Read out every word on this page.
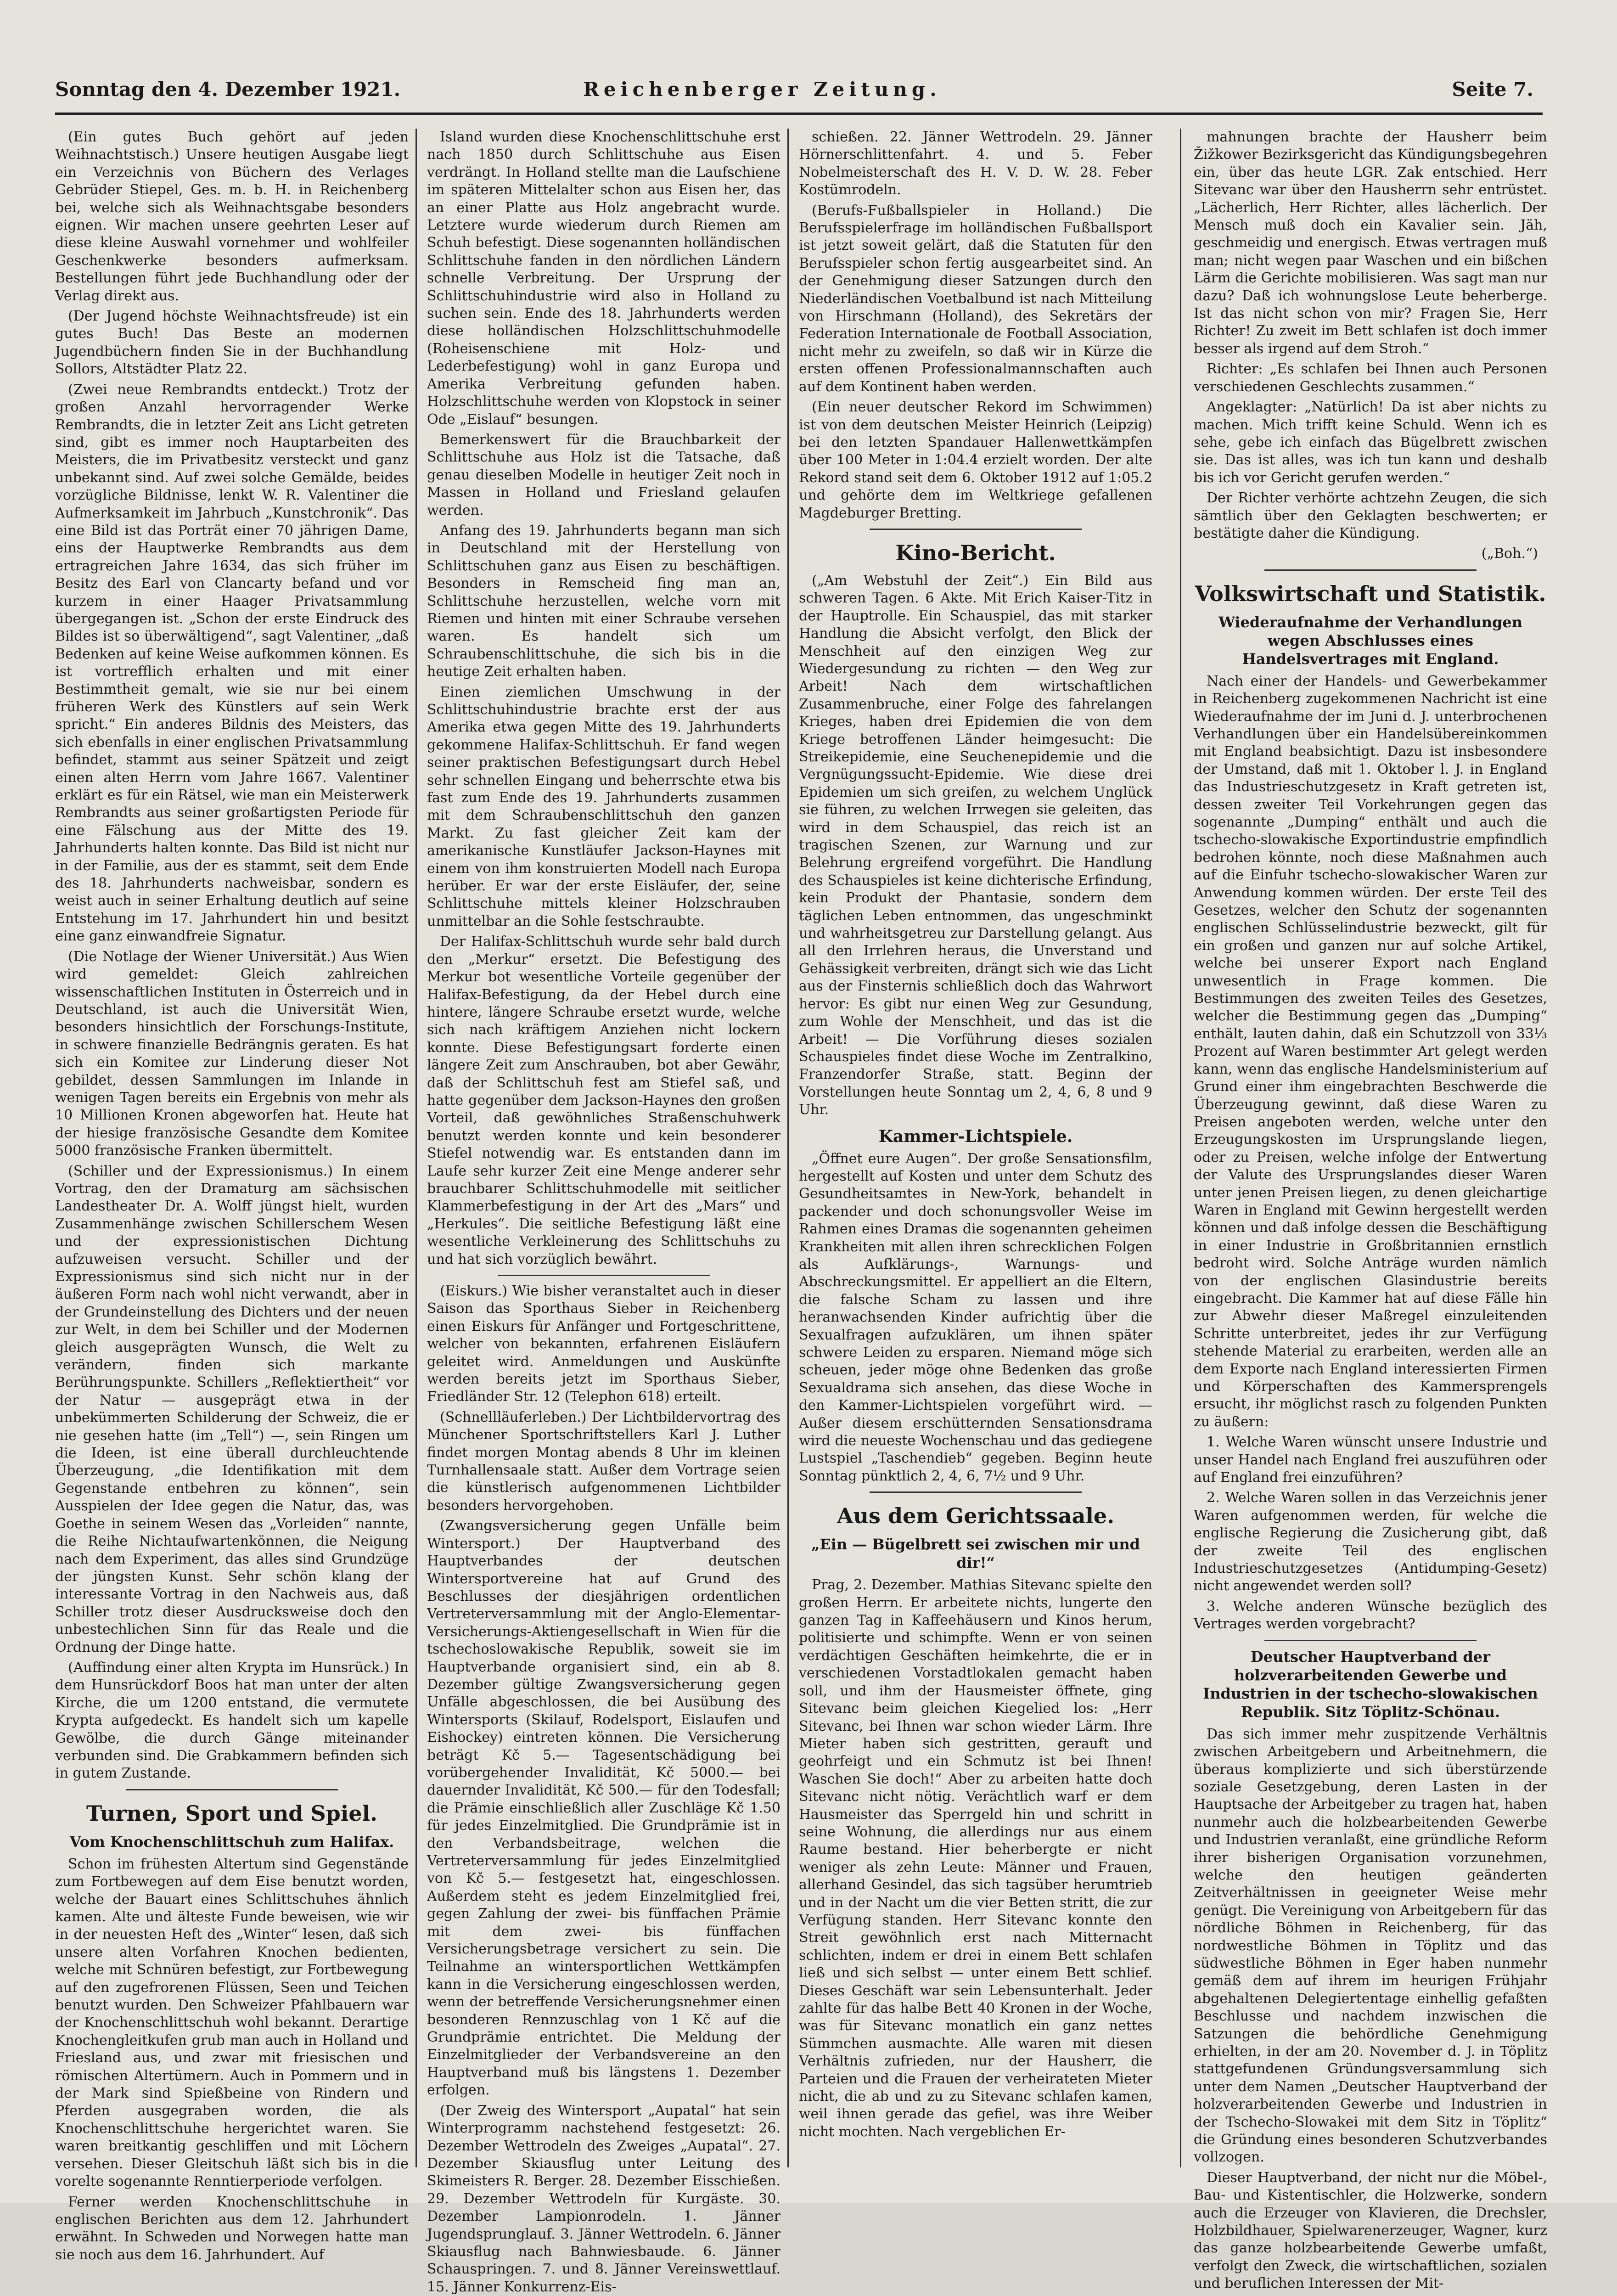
Sonntag den 4. Dezember 1921.	Reichenberger Zeitung.	Seite 7.

(Ein gutes Buch gehört auf jeden Weihnachtstisch.) Unsere heutigen Ausgabe liegt ein Verzeichnis von Büchern des Verlages Gebrüder Stiepel, Ges. m. b. H. in Reichenberg bei, welche sich als Weihnachtsgabe besonders eignen. Wir machen unsere geehrten Leser auf diese kleine Auswahl vornehmer und wohlfeiler Geschenkwerke besonders aufmerksam. Bestellungen führt jede Buchhandlung oder der Verlag direkt aus.

(Der Jugend höchste Weihnachtsfreude) ist ein gutes Buch! Das Beste an modernen Jugendbüchern finden Sie in der Buchhandlung Sollors, Altstädter Platz 22.

(Zwei neue Rembrandts entdeckt.) Trotz der großen Anzahl hervorragender Werke Rembrandts, die in letzter Zeit ans Licht getreten sind, gibt es immer noch Hauptarbeiten des Meisters, die im Privatbesitz versteckt und ganz unbekannt sind. Auf zwei solche Gemälde, beides vorzügliche Bildnisse, lenkt W. R. Valentiner die Aufmerksamkeit im Jahrbuch „Kunstchronik“. Das eine Bild ist das Porträt einer 70 jährigen Dame, eins der Hauptwerke Rembrandts aus dem ertragreichen Jahre 1634, das sich früher im Besitz des Earl von Clancarty befand und vor kurzem in einer Haager Privatsammlung übergegangen ist. „Schon der erste Eindruck des Bildes ist so überwältigend“, sagt Valentiner, „daß Bedenken auf keine Weise aufkommen können. Es ist vortrefflich erhalten und mit einer Bestimmtheit gemalt, wie sie nur bei einem früheren Werk des Künstlers auf sein Werk spricht.“ Ein anderes Bildnis des Meisters, das sich ebenfalls in einer englischen Privatsammlung befindet, stammt aus seiner Spätzeit und zeigt einen alten Herrn vom Jahre 1667. Valentiner erklärt es für ein Rätsel, wie man ein Meisterwerk Rembrandts aus seiner großartigsten Periode für eine Fälschung aus der Mitte des 19. Jahrhunderts halten konnte. Das Bild ist nicht nur in der Familie, aus der es stammt, seit dem Ende des 18. Jahrhunderts nachweisbar, sondern es weist auch in seiner Erhaltung deutlich auf seine Entstehung im 17. Jahrhundert hin und besitzt eine ganz einwandfreie Signatur.

(Die Notlage der Wiener Universität.) Aus Wien wird gemeldet: Gleich zahlreichen wissenschaftlichen Instituten in Österreich und in Deutschland, ist auch die Universität Wien, besonders hinsichtlich der Forschungs-Institute, in schwere finanzielle Bedrängnis geraten. Es hat sich ein Komitee zur Linderung dieser Not gebildet, dessen Sammlungen im Inlande in wenigen Tagen bereits ein Ergebnis von mehr als 10 Millionen Kronen abgeworfen hat. Heute hat der hiesige französische Gesandte dem Komitee 5000 französische Franken übermittelt.

(Schiller und der Expressionismus.) In einem Vortrag, den der Dramaturg am sächsischen Landestheater Dr. A. Wolff jüngst hielt, wurden Zusammenhänge zwischen Schillerschem Wesen und der expressionistischen Dichtung aufzuweisen versucht. Schiller und der Expressionismus sind sich nicht nur in der äußeren Form nach wohl nicht verwandt, aber in der Grundeinstellung des Dichters und der neuen zur Welt, in dem bei Schiller und der Modernen gleich ausgeprägten Wunsch, die Welt zu verändern, finden sich markante Berührungspunkte. Schillers „Reflektiertheit“ vor der Natur — ausgeprägt etwa in der unbekümmerten Schilderung der Schweiz, die er nie gesehen hatte (im „Tell“) —, sein Ringen um die Ideen, ist eine überall durchleuchtende Überzeugung, „die Identifikation mit dem Gegenstande entbehren zu können“, sein Ausspielen der Idee gegen die Natur, das, was Goethe in seinem Wesen das „Vorleiden“ nannte, die Reihe Nichtaufwartenkönnen, die Neigung nach dem Experiment, das alles sind Grundzüge der jüngsten Kunst. Sehr schön klang der interessante Vortrag in den Nachweis aus, daß Schiller trotz dieser Ausdrucksweise doch den unbestechlichen Sinn für das Reale und die Ordnung der Dinge hatte.

(Auffindung einer alten Krypta im Hunsrück.) In dem Hunsrückdorf Boos hat man unter der alten Kirche, die um 1200 entstand, die vermutete Krypta aufgedeckt. Es handelt sich um kapelle Gewölbe, die durch Gänge miteinander verbunden sind. Die Grabkammern befinden sich in gutem Zustande.

Turnen, Sport und Spiel.
Vom Knochenschlittschuh zum Halifax.

Schon im frühesten Altertum sind Gegenstände zum Fortbewegen auf dem Eise benutzt worden, welche der Bauart eines Schlittschuhes ähnlich kamen. Alte und älteste Funde beweisen, wie wir in der neuesten Heft des „Winter“ lesen, daß sich unsere alten Vorfahren Knochen bedienten, welche mit Schnüren befestigt, zur Fortbewegung auf den zugefrorenen Flüssen, Seen und Teichen benutzt wurden. Den Schweizer Pfahlbauern war der Knochenschlittschuh wohl bekannt. Derartige Knochengleitkufen grub man auch in Holland und Friesland aus, und zwar mit friesischen und römischen Altertümern. Auch in Pommern und in der Mark sind Spießbeine von Rindern und Pferden ausgegraben worden, die als Knochenschlittschuhe hergerichtet waren. Sie waren breitkantig geschliffen und mit Löchern versehen. Dieser Gleitschuh läßt sich bis in die vorelte sogenannte Renntierperiode verfolgen.

Ferner werden Knochenschlittschuhe in englischen Berichten aus dem 12. Jahrhundert erwähnt. In Schweden und Norwegen hatte man sie noch aus dem 16. Jahrhundert. Auf

Island wurden diese Knochenschlittschuhe erst nach 1850 durch Schlittschuhe aus Eisen verdrängt. In Holland stellte man die Laufschiene im späteren Mittelalter schon aus Eisen her, das an einer Platte aus Holz angebracht wurde. Letztere wurde wiederum durch Riemen am Schuh befestigt. Diese sogenannten holländischen Schlittschuhe fanden in den nördlichen Ländern schnelle Verbreitung. Der Ursprung der Schlittschuhindustrie wird also in Holland zu suchen sein. Ende des 18. Jahrhunderts werden diese holländischen Holzschlittschuhmodelle (Roheisenschiene mit Holz- und Lederbefestigung) wohl in ganz Europa und Amerika Verbreitung gefunden haben. Holzschlittschuhe werden von Klopstock in seiner Ode „Eislauf“ besungen.

Bemerkenswert für die Brauchbarkeit der Schlittschuhe aus Holz ist die Tatsache, daß genau dieselben Modelle in heutiger Zeit noch in Massen in Holland und Friesland gelaufen werden.

Anfang des 19. Jahrhunderts begann man sich in Deutschland mit der Herstellung von Schlittschuhen ganz aus Eisen zu beschäftigen. Besonders in Remscheid fing man an, Schlittschuhe herzustellen, welche vorn mit Riemen und hinten mit einer Schraube versehen waren. Es handelt sich um Schraubenschlittschuhe, die sich bis in die heutige Zeit erhalten haben.

Einen ziemlichen Umschwung in der Schlittschuhindustrie brachte erst der aus Amerika etwa gegen Mitte des 19. Jahrhunderts gekommene Halifax-Schlittschuh. Er fand wegen seiner praktischen Befestigungsart durch Hebel sehr schnellen Eingang und beherrschte etwa bis fast zum Ende des 19. Jahrhunderts zusammen mit dem Schraubenschlittschuh den ganzen Markt. Zu fast gleicher Zeit kam der amerikanische Kunstläufer Jackson-Haynes mit einem von ihm konstruierten Modell nach Europa herüber. Er war der erste Eisläufer, der, seine Schlittschuhe mittels kleiner Holzschrauben unmittelbar an die Sohle festschraubte.

Der Halifax-Schlittschuh wurde sehr bald durch den „Merkur“ ersetzt. Die Befestigung des Merkur bot wesentliche Vorteile gegenüber der Halifax-Befestigung, da der Hebel durch eine hintere, längere Schraube ersetzt wurde, welche sich nach kräftigem Anziehen nicht lockern konnte. Diese Befestigungsart forderte einen längere Zeit zum Anschrauben, bot aber Gewähr, daß der Schlittschuh fest am Stiefel saß, und hatte gegenüber dem Jackson-Haynes den großen Vorteil, daß gewöhnliches Straßenschuhwerk benutzt werden konnte und kein besonderer Stiefel notwendig war. Es entstanden dann im Laufe sehr kurzer Zeit eine Menge anderer sehr brauchbarer Schlittschuhmodelle mit seitlicher Klammerbefestigung in der Art des „Mars“ und „Herkules“. Die seitliche Befestigung läßt eine wesentliche Verkleinerung des Schlittschuhs zu und hat sich vorzüglich bewährt.

(Eiskurs.) Wie bisher veranstaltet auch in dieser Saison das Sporthaus Sieber in Reichenberg einen Eiskurs für Anfänger und Fortgeschrittene, welcher von bekannten, erfahrenen Eisläufern geleitet wird. Anmeldungen und Auskünfte werden bereits jetzt im Sporthaus Sieber, Friedländer Str. 12 (Telephon 618) erteilt.

(Schnellläuferleben.) Der Lichtbildervortrag des Münchener Sportschriftstellers Karl J. Luther findet morgen Montag abends 8 Uhr im kleinen Turnhallensaale statt. Außer dem Vortrage seien die künstlerisch aufgenommenen Lichtbilder besonders hervorgehoben.

(Zwangsversicherung gegen Unfälle beim Wintersport.) Der Hauptverband des Hauptverbandes der deutschen Wintersportvereine hat auf Grund des Beschlusses der diesjährigen ordentlichen Vertreterversammlung mit der Anglo-Elementar-Versicherungs-Aktiengesellschaft in Wien für die tschechoslowakische Republik, soweit sie im Hauptverbande organisiert sind, ein ab 8. Dezember gültige Zwangsversicherung gegen Unfälle abgeschlossen, die bei Ausübung des Wintersports (Skilauf, Rodelsport, Eislaufen und Eishockey) eintreten können. Die Versicherung beträgt Kč 5.— Tagesentschädigung bei vorübergehender Invalidität, Kč 5000.— bei dauernder Invalidität, Kč 500.— für den Todesfall; die Prämie einschließlich aller Zuschläge Kč 1.50 für jedes Einzelmitglied. Die Grundprämie ist in den Verbandsbeitrage, welchen die Vertreterversammlung für jedes Einzelmitglied von Kč 5.— festgesetzt hat, eingeschlossen. Außerdem steht es jedem Einzelmitglied frei, gegen Zahlung der zwei- bis fünffachen Prämie mit dem zwei- bis fünffachen Versicherungsbetrage versichert zu sein. Die Teilnahme an wintersportlichen Wettkämpfen kann in die Versicherung eingeschlossen werden, wenn der betreffende Versicherungsnehmer einen besonderen Rennzuschlag von 1 Kč auf die Grundprämie entrichtet. Die Meldung der Einzelmitglieder der Verbandsvereine an den Hauptverband muß bis längstens 1. Dezember erfolgen.

(Der Zweig des Wintersport „Aupatal“ hat sein Winterprogramm nachstehend festgesetzt: 26. Dezember Wettrodeln des Zweiges „Aupatal“. 27. Dezember Skiausflug unter Leitung des Skimeisters R. Berger. 28. Dezember Eisschießen. 29. Dezember Wettrodeln für Kurgäste. 30. Dezember Lampionrodeln. 1. Jänner Jugendsprunglauf. 3. Jänner Wettrodeln. 6. Jänner Skiausflug nach Bahnwiesbaude. 6. Jänner Schauspringen. 7. und 8. Jänner Vereinswettlauf. 15. Jänner Konkurrenz-Eis-

schießen. 22. Jänner Wettrodeln. 29. Jänner Hörnerschlittenfahrt. 4. und 5. Feber Nobelmeisterschaft des H. V. D. W. 28. Feber Kostümrodeln.

(Berufs-Fußballspieler in Holland.) Die Berufsspielerfrage im holländischen Fußballsport ist jetzt soweit gelärt, daß die Statuten für den Berufsspieler schon fertig ausgearbeitet sind. An der Genehmigung dieser Satzungen durch den Niederländischen Voetbalbund ist nach Mitteilung von Hirschmann (Holland), des Sekretärs der Federation Internationale de Football Association, nicht mehr zu zweifeln, so daß wir in Kürze die ersten offenen Professionalmannschaften auch auf dem Kontinent haben werden.

(Ein neuer deutscher Rekord im Schwimmen) ist von dem deutschen Meister Heinrich (Leipzig) bei den letzten Spandauer Hallenwettkämpfen über 100 Meter in 1:04.4 erzielt worden. Der alte Rekord stand seit dem 6. Oktober 1912 auf 1:05.2 und gehörte dem im Weltkriege gefallenen Magdeburger Bretting.

Kino-Bericht.

(„Am Webstuhl der Zeit“.) Ein Bild aus schweren Tagen. 6 Akte. Mit Erich Kaiser-Titz in der Hauptrolle. Ein Schauspiel, das mit starker Handlung die Absicht verfolgt, den Blick der Menschheit auf den einzigen Weg zur Wiedergesundung zu richten — den Weg zur Arbeit! Nach dem wirtschaftlichen Zusammenbruche, einer Folge des fahrelangen Krieges, haben drei Epidemien die von dem Kriege betroffenen Länder heimgesucht: Die Streikepidemie, eine Seuchenepidemie und die Vergnügungssucht-Epidemie. Wie diese drei Epidemien um sich greifen, zu welchem Unglück sie führen, zu welchen Irrwegen sie geleiten, das wird in dem Schauspiel, das reich ist an tragischen Szenen, zur Warnung und zur Belehrung ergreifend vorgeführt. Die Handlung des Schauspieles ist keine dichterische Erfindung, kein Produkt der Phantasie, sondern dem täglichen Leben entnommen, das ungeschminkt und wahrheitsgetreu zur Darstellung gelangt. Aus all den Irrlehren heraus, die Unverstand und Gehässigkeit verbreiten, drängt sich wie das Licht aus der Finsternis schließlich doch das Wahrwort hervor: Es gibt nur einen Weg zur Gesundung, zum Wohle der Menschheit, und das ist die Arbeit! — Die Vorführung dieses sozialen Schauspieles findet diese Woche im Zentralkino, Franzendorfer Straße, statt. Beginn der Vorstellungen heute Sonntag um 2, 4, 6, 8 und 9 Uhr.

Kammer-Lichtspiele.

„Öffnet eure Augen“. Der große Sensationsfilm, hergestellt auf Kosten und unter dem Schutz des Gesundheitsamtes in New-York, behandelt in packender und doch schonungsvoller Weise im Rahmen eines Dramas die sogenannten geheimen Krankheiten mit allen ihren schrecklichen Folgen als Aufklärungs-, Warnungs- und Abschreckungsmittel. Er appelliert an die Eltern, die falsche Scham zu lassen und ihre heranwachsenden Kinder aufrichtig über die Sexualfragen aufzuklären, um ihnen später schwere Leiden zu ersparen. Niemand möge sich scheuen, jeder möge ohne Bedenken das große Sexualdrama sich ansehen, das diese Woche in den Kammer-Lichtspielen vorgeführt wird. — Außer diesem erschütternden Sensationsdrama wird die neueste Wochenschau und das gediegene Lustspiel „Taschendieb“ gegeben. Beginn heute Sonntag pünktlich 2, 4, 6, 7½ und 9 Uhr.

Aus dem Gerichtssaale.
„Ein — Bügelbrett sei zwischen mir und dir!“

Prag, 2. Dezember. Mathias Sitevanc spielte den großen Herrn. Er arbeitete nichts, lungerte den ganzen Tag in Kaffeehäusern und Kinos herum, politisierte und schimpfte. Wenn er von seinen verdächtigen Geschäften heimkehrte, die er in verschiedenen Vorstadtlokalen gemacht haben soll, und ihm der Hausmeister öffnete, ging Sitevanc beim gleichen Kiegelied los: „Herr Sitevanc, bei Ihnen war schon wieder Lärm. Ihre Mieter haben sich gestritten, gerauft und geohrfeigt und ein Schmutz ist bei Ihnen! Waschen Sie doch!“ Aber zu arbeiten hatte doch Sitevanc nicht nötig. Verächtlich warf er dem Hausmeister das Sperrgeld hin und schritt in seine Wohnung, die allerdings nur aus einem Raume bestand. Hier beherbergte er nicht weniger als zehn Leute: Männer und Frauen, allerhand Gesindel, das sich tagsüber herumtrieb und in der Nacht um die vier Betten stritt, die zur Verfügung standen. Herr Sitevanc konnte den Streit gewöhnlich erst nach Mitternacht schlichten, indem er drei in einem Bett schlafen ließ und sich selbst — unter einem Bett schlief. Dieses Geschäft war sein Lebensunterhalt. Jeder zahlte für das halbe Bett 40 Kronen in der Woche, was für Sitevanc monatlich ein ganz nettes Sümmchen ausmachte. Alle waren mit diesen Verhältnis zufrieden, nur der Hausherr, die Parteien und die Frauen der verheirateten Mieter nicht, die ab und zu zu Sitevanc schlafen kamen, weil ihnen gerade das gefiel, was ihre Weiber nicht mochten. Nach vergeblichen Er-

mahnungen brachte der Hausherr beim Žižkower Bezirksgericht das Kündigungsbegehren ein, über das heute LGR. Zak entschied. Herr Sitevanc war über den Hausherrn sehr entrüstet. „Lächerlich, Herr Richter, alles lächerlich. Der Mensch muß doch ein Kavalier sein. Jäh, geschmeidig und energisch. Etwas vertragen muß man; nicht wegen paar Waschen und ein bißchen Lärm die Gerichte mobilisieren. Was sagt man nur dazu? Daß ich wohnungslose Leute beherberge. Ist das nicht schon von mir? Fragen Sie, Herr Richter! Zu zweit im Bett schlafen ist doch immer besser als irgend auf dem Stroh.“

Richter: „Es schlafen bei Ihnen auch Personen verschiedenen Geschlechts zusammen.“

Angeklagter: „Natürlich! Da ist aber nichts zu machen. Mich trifft keine Schuld. Wenn ich es sehe, gebe ich einfach das Bügelbrett zwischen sie. Das ist alles, was ich tun kann und deshalb bis ich vor Gericht gerufen werden.“

Der Richter verhörte achtzehn Zeugen, die sich sämtlich über den Geklagten beschwerten; er bestätigte daher die Kündigung.

(„Boh.“)
Volkswirtschaft und Statistik.
Wiederaufnahme der Verhandlungen wegen Abschlusses eines Handelsvertrages mit England.

Nach einer der Handels- und Gewerbekammer in Reichenberg zugekommenen Nachricht ist eine Wiederaufnahme der im Juni d. J. unterbrochenen Verhandlungen über ein Handelsübereinkommen mit England beabsichtigt. Dazu ist insbesondere der Umstand, daß mit 1. Oktober l. J. in England das Industrieschutzgesetz in Kraft getreten ist, dessen zweiter Teil Vorkehrungen gegen das sogenannte „Dumping“ enthält und auch die tschecho-slowakische Exportindustrie empfindlich bedrohen könnte, noch diese Maßnahmen auch auf die Einfuhr tschecho-slowakischer Waren zur Anwendung kommen würden. Der erste Teil des Gesetzes, welcher den Schutz der sogenannten englischen Schlüsselindustrie bezweckt, gilt für ein großen und ganzen nur auf solche Artikel, welche bei unserer Export nach England unwesentlich in Frage kommen. Die Bestimmungen des zweiten Teiles des Gesetzes, welcher die Bestimmung gegen das „Dumping“ enthält, lauten dahin, daß ein Schutzzoll von 33⅓ Prozent auf Waren bestimmter Art gelegt werden kann, wenn das englische Handelsministerium auf Grund einer ihm eingebrachten Beschwerde die Überzeugung gewinnt, daß diese Waren zu Preisen angeboten werden, welche unter den Erzeugungskosten im Ursprungslande liegen, oder zu Preisen, welche infolge der Entwertung der Valute des Ursprungslandes dieser Waren unter jenen Preisen liegen, zu denen gleichartige Waren in England mit Gewinn hergestellt werden können und daß infolge dessen die Beschäftigung in einer Industrie in Großbritannien ernstlich bedroht wird. Solche Anträge wurden nämlich von der englischen Glasindustrie bereits eingebracht. Die Kammer hat auf diese Fälle hin zur Abwehr dieser Maßregel einzuleitenden Schritte unterbreitet, jedes ihr zur Verfügung stehende Material zu erarbeiten, werden alle an dem Exporte nach England interessierten Firmen und Körperschaften des Kammersprengels ersucht, ihr möglichst rasch zu folgenden Punkten zu äußern:

1. Welche Waren wünscht unsere Industrie und unser Handel nach England frei auszuführen oder auf England frei einzuführen?

2. Welche Waren sollen in das Verzeichnis jener Waren aufgenommen werden, für welche die englische Regierung die Zusicherung gibt, daß der zweite Teil des englischen Industrieschutzgesetzes (Antidumping-Gesetz) nicht angewendet werden soll?

3. Welche anderen Wünsche bezüglich des Vertrages werden vorgebracht?

Deutscher Hauptverband der holzverarbeitenden Gewerbe und Industrien in der tschecho-slowakischen Republik. Sitz Töplitz-Schönau.

Das sich immer mehr zuspitzende Verhältnis zwischen Arbeitgebern und Arbeitnehmern, die überaus komplizierte und sich überstürzende soziale Gesetzgebung, deren Lasten in der Hauptsache der Arbeitgeber zu tragen hat, haben nunmehr auch die holzbearbeitenden Gewerbe und Industrien veranlaßt, eine gründliche Reform ihrer bisherigen Organisation vorzunehmen, welche den heutigen geänderten Zeitverhältnissen in geeigneter Weise mehr genügt. Die Vereinigung von Arbeitgebern für das nördliche Böhmen in Reichenberg, für das nordwestliche Böhmen in Töplitz und das südwestliche Böhmen in Eger haben nunmehr gemäß dem auf ihrem im heurigen Frühjahr abgehaltenen Delegiertentage einhellig gefaßten Beschlusse und nachdem inzwischen die Satzungen die behördliche Genehmigung erhielten, in der am 20. November d. J. in Töplitz stattgefundenen Gründungsversammlung sich unter dem Namen „Deutscher Hauptverband der holzverarbeitenden Gewerbe und Industrien in der Tschecho-Slowakei mit dem Sitz in Töplitz“ die Gründung eines besonderen Schutzverbandes vollzogen.

Dieser Hauptverband, der nicht nur die Möbel-, Bau- und Kistentischler, die Holzwerke, sondern auch die Erzeuger von Klavieren, die Drechsler, Holzbildhauer, Spielwarenerzeuger, Wagner, kurz das ganze holzbearbeitende Gewerbe umfaßt, verfolgt den Zweck, die wirtschaftlichen, sozialen und beruflichen Interessen der Mit-
